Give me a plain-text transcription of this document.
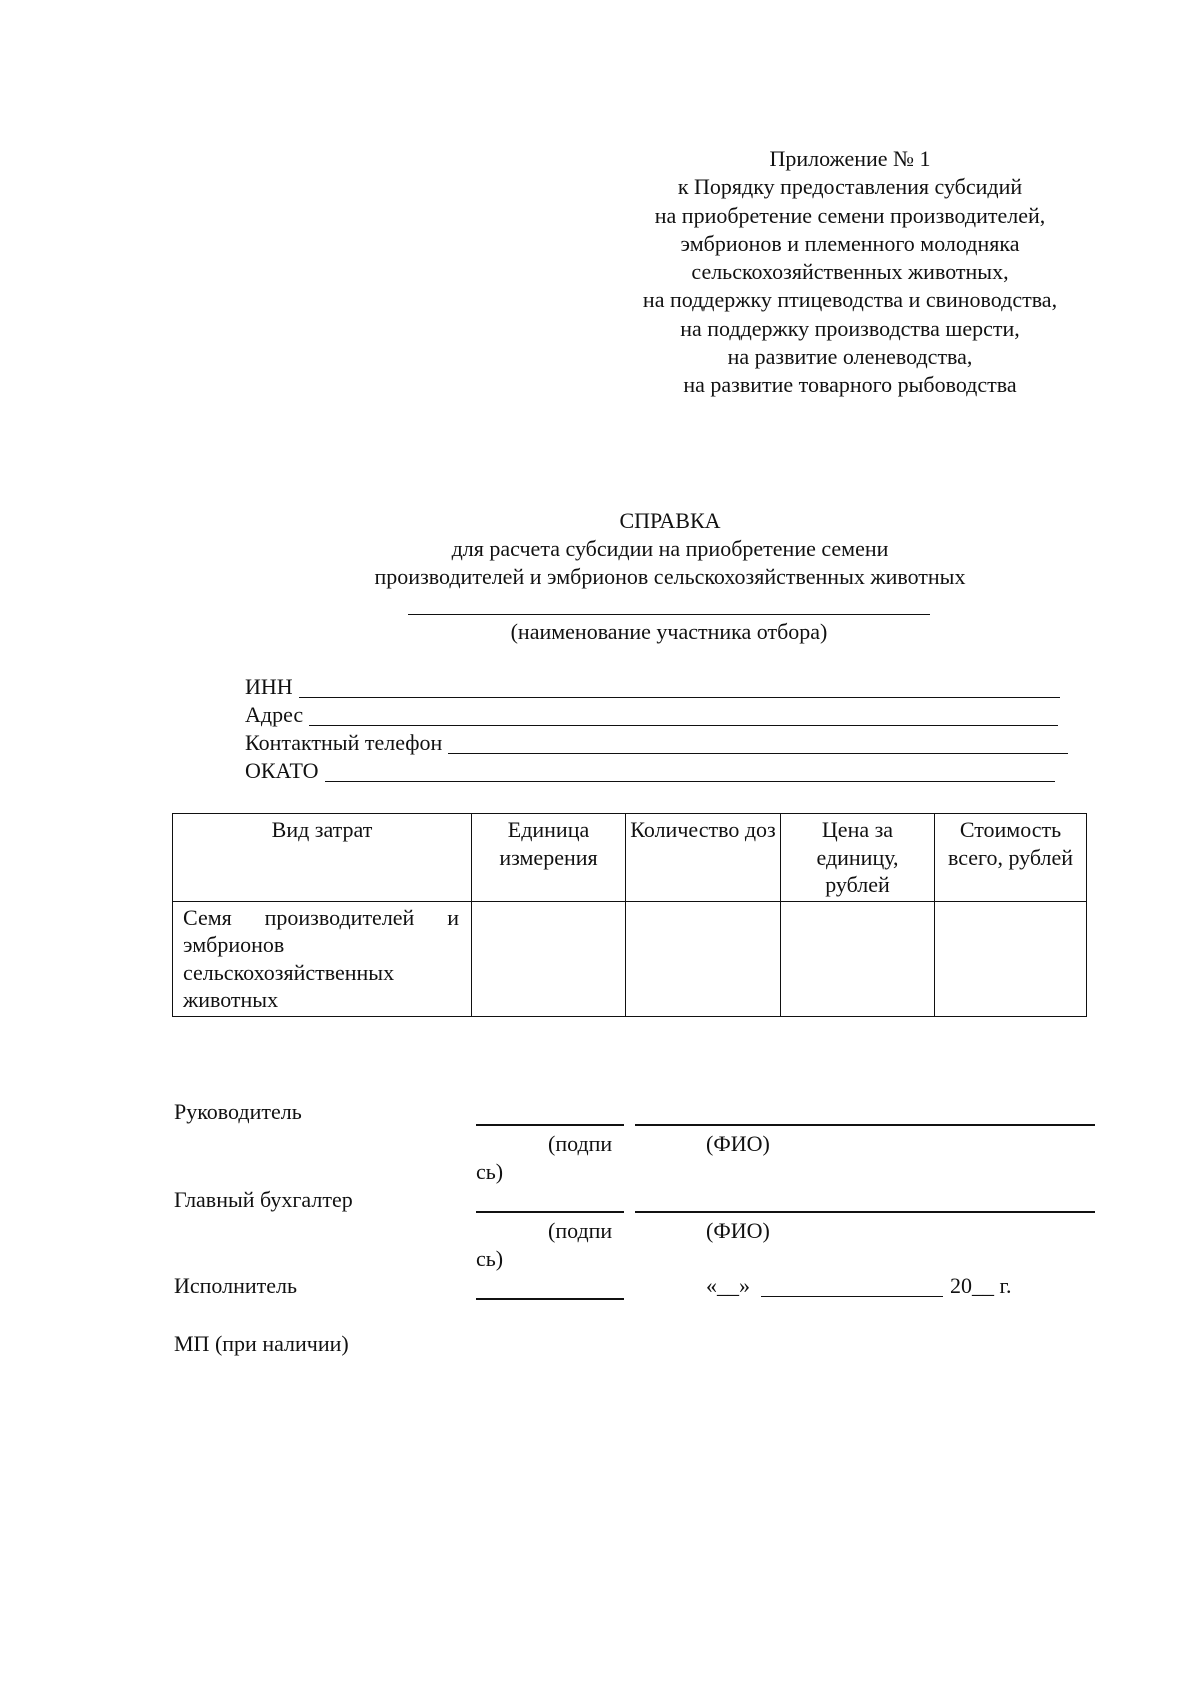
Приложение № 1
к Порядку предоставления субсидий
на приобретение семени производителей,
эмбрионов и племенного молодняка
сельскохозяйственных животных,
на поддержку птицеводства и свиноводства,
на поддержку производства шерсти,
на развитие оленеводства,
на развитие товарного рыбоводства
СПРАВКА
для расчета субсидии на приобретение семени
производителей и эмбрионов сельскохозяйственных животных
(наименование участника отбора)
ИНН
Адрес
Контактный телефон
ОКАТО
Вид затрат	Единица измерения	Количество доз	Цена за единицу, рублей	Стоимость всего, рублей
Семя производителей и эмбрионов сельскохозяйственных животных				
Руководитель
(подпи	(ФИО)
сь)
Главный бухгалтер
(подпи	(ФИО)
сь)
Исполнитель	«__»	20__ г.
МП (при наличии)
